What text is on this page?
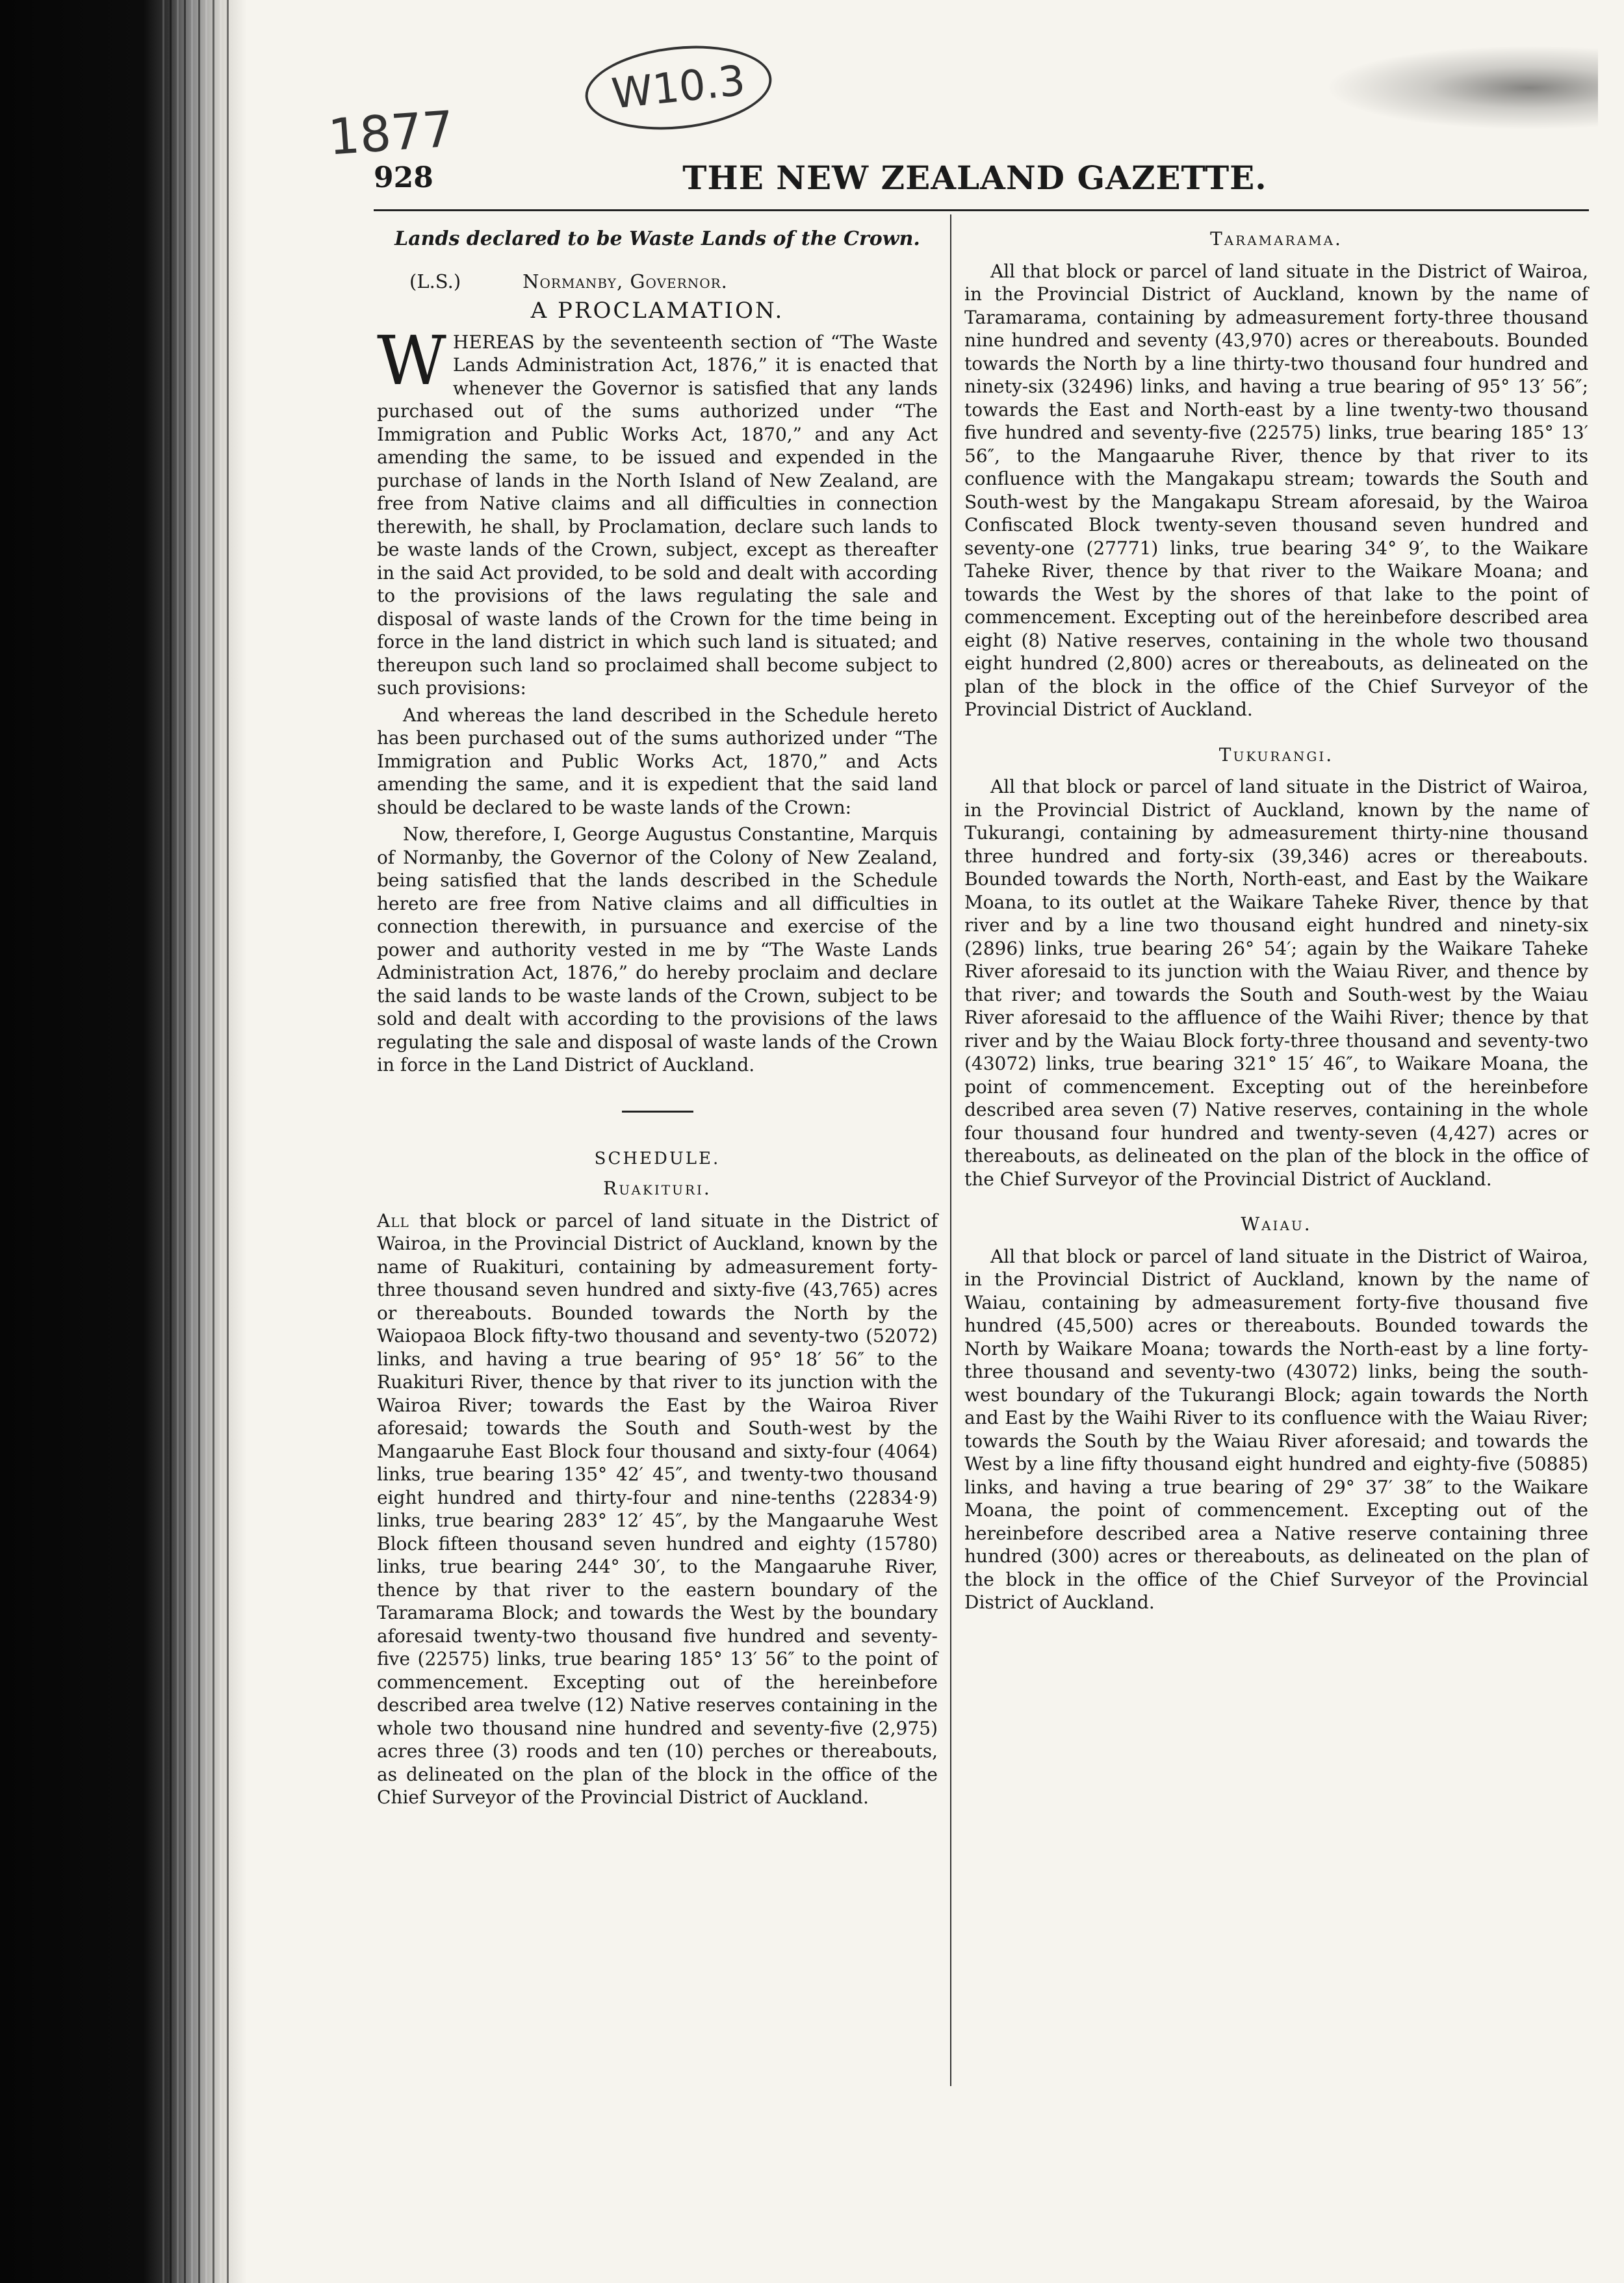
1877
W10.3
928	THE NEW ZEALAND GAZETTE.
Lands declared to be Waste Lands of the Crown.
(L.S.)	Normanby, Governor.
A PROCLAMATION.

WHEREAS by the seventeenth section of “The Waste Lands Administration Act, 1876,” it is enacted that whenever the Governor is satisfied that any lands purchased out of the sums authorized under “The Immigration and Public Works Act, 1870,” and any Act amending the same, to be issued and expended in the purchase of lands in the North Island of New Zealand, are free from Native claims and all difficulties in connection therewith, he shall, by Proclamation, declare such lands to be waste lands of the Crown, subject, except as thereafter in the said Act provided, to be sold and dealt with according to the provisions of the laws regulating the sale and disposal of waste lands of the Crown for the time being in force in the land district in which such land is situated; and thereupon such land so proclaimed shall become subject to such provisions:

And whereas the land described in the Schedule hereto has been purchased out of the sums authorized under “The Immigration and Public Works Act, 1870,” and Acts amending the same, and it is expedient that the said land should be declared to be waste lands of the Crown:

Now, therefore, I, George Augustus Constantine, Marquis of Normanby, the Governor of the Colony of New Zealand, being satisfied that the lands described in the Schedule hereto are free from Native claims and all difficulties in connection therewith, in pursuance and exercise of the power and authority vested in me by “The Waste Lands Administration Act, 1876,” do hereby proclaim and declare the said lands to be waste lands of the Crown, subject to be sold and dealt with according to the provisions of the laws regulating the sale and disposal of waste lands of the Crown in force in the Land District of Auckland.

SCHEDULE.
Ruakituri.

All that block or parcel of land situate in the District of Wairoa, in the Provincial District of Auckland, known by the name of Ruakituri, containing by admeasurement forty-three thousand seven hundred and sixty-five (43,765) acres or thereabouts. Bounded towards the North by the Waiopaoa Block fifty-two thousand and seventy-two (52072) links, and having a true bearing of 95° 18′ 56″ to the Ruakituri River, thence by that river to its junction with the Wairoa River; towards the East by the Wairoa River aforesaid; towards the South and South-west by the Mangaaruhe East Block four thousand and sixty-four (4064) links, true bearing 135° 42′ 45″, and twenty-two thousand eight hundred and thirty-four and nine-tenths (22834·9) links, true bearing 283° 12′ 45″, by the Mangaaruhe West Block fifteen thousand seven hundred and eighty (15780) links, true bearing 244° 30′, to the Mangaaruhe River, thence by that river to the eastern boundary of the Taramarama Block; and towards the West by the boundary aforesaid twenty-two thousand five hundred and seventy-five (22575) links, true bearing 185° 13′ 56″ to the point of commencement. Excepting out of the hereinbefore described area twelve (12) Native reserves containing in the whole two thousand nine hundred and seventy-five (2,975) acres three (3) roods and ten (10) perches or thereabouts, as delineated on the plan of the block in the office of the Chief Surveyor of the Provincial District of Auckland.

Taramarama.

All that block or parcel of land situate in the District of Wairoa, in the Provincial District of Auckland, known by the name of Taramarama, containing by admeasurement forty-three thousand nine hundred and seventy (43,970) acres or thereabouts. Bounded towards the North by a line thirty-two thousand four hundred and ninety-six (32496) links, and having a true bearing of 95° 13′ 56″; towards the East and North-east by a line twenty-two thousand five hundred and seventy-five (22575) links, true bearing 185° 13′ 56″, to the Mangaaruhe River, thence by that river to its confluence with the Mangakapu stream; towards the South and South-west by the Mangakapu Stream aforesaid, by the Wairoa Confiscated Block twenty-seven thousand seven hundred and seventy-one (27771) links, true bearing 34° 9′, to the Waikare Taheke River, thence by that river to the Waikare Moana; and towards the West by the shores of that lake to the point of commencement. Excepting out of the hereinbefore described area eight (8) Native reserves, containing in the whole two thousand eight hundred (2,800) acres or thereabouts, as delineated on the plan of the block in the office of the Chief Surveyor of the Provincial District of Auckland.

Tukurangi.

All that block or parcel of land situate in the District of Wairoa, in the Provincial District of Auckland, known by the name of Tukurangi, containing by admeasurement thirty-nine thousand three hundred and forty-six (39,346) acres or thereabouts. Bounded towards the North, North-east, and East by the Waikare Moana, to its outlet at the Waikare Taheke River, thence by that river and by a line two thousand eight hundred and ninety-six (2896) links, true bearing 26° 54′; again by the Waikare Taheke River aforesaid to its junction with the Waiau River, and thence by that river; and towards the South and South-west by the Waiau River aforesaid to the affluence of the Waihi River; thence by that river and by the Waiau Block forty-three thousand and seventy-two (43072) links, true bearing 321° 15′ 46″, to Waikare Moana, the point of commencement. Excepting out of the hereinbefore described area seven (7) Native reserves, containing in the whole four thousand four hundred and twenty-seven (4,427) acres or thereabouts, as delineated on the plan of the block in the office of the Chief Surveyor of the Provincial District of Auckland.

Waiau.

All that block or parcel of land situate in the District of Wairoa, in the Provincial District of Auckland, known by the name of Waiau, containing by admeasurement forty-five thousand five hundred (45,500) acres or thereabouts. Bounded towards the North by Waikare Moana; towards the North-east by a line forty-three thousand and seventy-two (43072) links, being the south-west boundary of the Tukurangi Block; again towards the North and East by the Waihi River to its confluence with the Waiau River; towards the South by the Waiau River aforesaid; and towards the West by a line fifty thousand eight hundred and eighty-five (50885) links, and having a true bearing of 29° 37′ 38″ to the Waikare Moana, the point of commencement. Excepting out of the hereinbefore described area a Native reserve containing three hundred (300) acres or thereabouts, as delineated on the plan of the block in the office of the Chief Surveyor of the Provincial District of Auckland.
